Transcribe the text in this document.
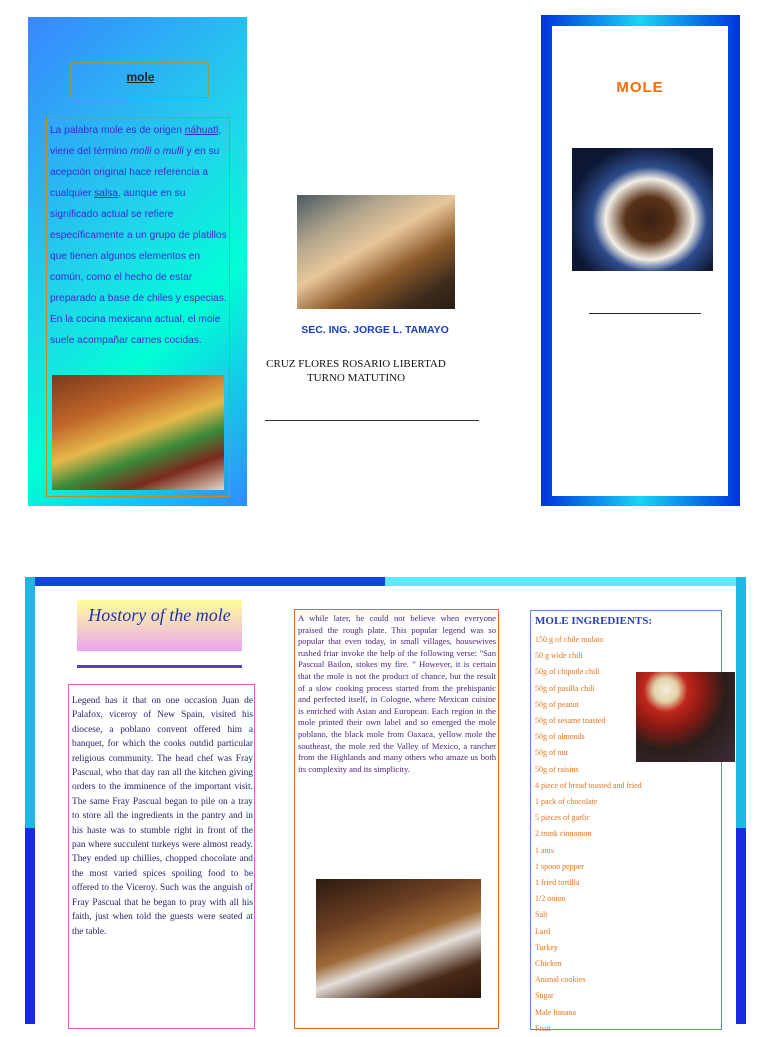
mole
La palabra mole es de origen náhuatl, viene del término molli o mulli y en su acepción original hace referencia a cualquier salsa, aunque en su significado actual se refiere específicamente a un grupo de platillos que tienen algunos elementos en común, como el hecho de estar preparado a base de chiles y especias. En la cocina mexicana actual, el mole suele acompañar carnes cocidas.
SEC. ING. JORGE L. TAMAYO
CRUZ FLORES ROSARIO LIBERTAD
TURNO MATUTINO
MOLE
Hostory of the mole
Legend has it that on one occasion Juan de Palafox, viceroy of New Spain, visited his diocese, a poblano convent offered him a banquet, for which the cooks outdid particular religious community. The head chef was Fray Pascual, who that day ran all the kitchen giving orders to the imminence of the important visit. The same Fray Pascual began to pile on a tray to store all the ingredients in the pantry and in his haste was to stumble right in front of the pan where succulent turkeys were almost ready. They ended up chillies, chopped chocolate and the most varied spices spoiling food to be offered to the Viceroy. Such was the anguish of Fray Pascual that he began to pray with all his faith, just when told the guests were seated at the table.
A while later, he could not believe when everyone praised the rough plate. This popular legend was so popular that even today, in small villages, housewives rushed friar invoke the help of the following verse: "San Pascual Bailon, stokes my fire. " However, it is certain that the mole is not the product of chance, but the result of a slow cooking process started from the prehispanic and perfected itself, in Cologne, where Mexican cuisine is enriched with Asian and European. Each region in the mole printed their own label and so emerged the mole poblano, the black mole from Oaxaca, yellow mole the southeast, the mole red the Valley of Mexico, a rancher from the Highlands and many others who amaze us both its complexity and its simplicity.
MOLE INGREDIENTS:
150 g of chile mulato
50 g wide chili
50g of chipotle chili
50g of pasilla chili
50g of peanut
50g of sesame toasted
50g of almonds
50g of nut
50g of raisins
4 piece of bread toasted and fried
1 pack of chocolate
5 pieces of garlic
2 trunk cinnamon
1 anis
1 spoon pepper
1 fried tortilla
1/2 onion
Salt
Lard
Turkey
Chicken
Animal cookies
Sugar
Male banana
Fruit
